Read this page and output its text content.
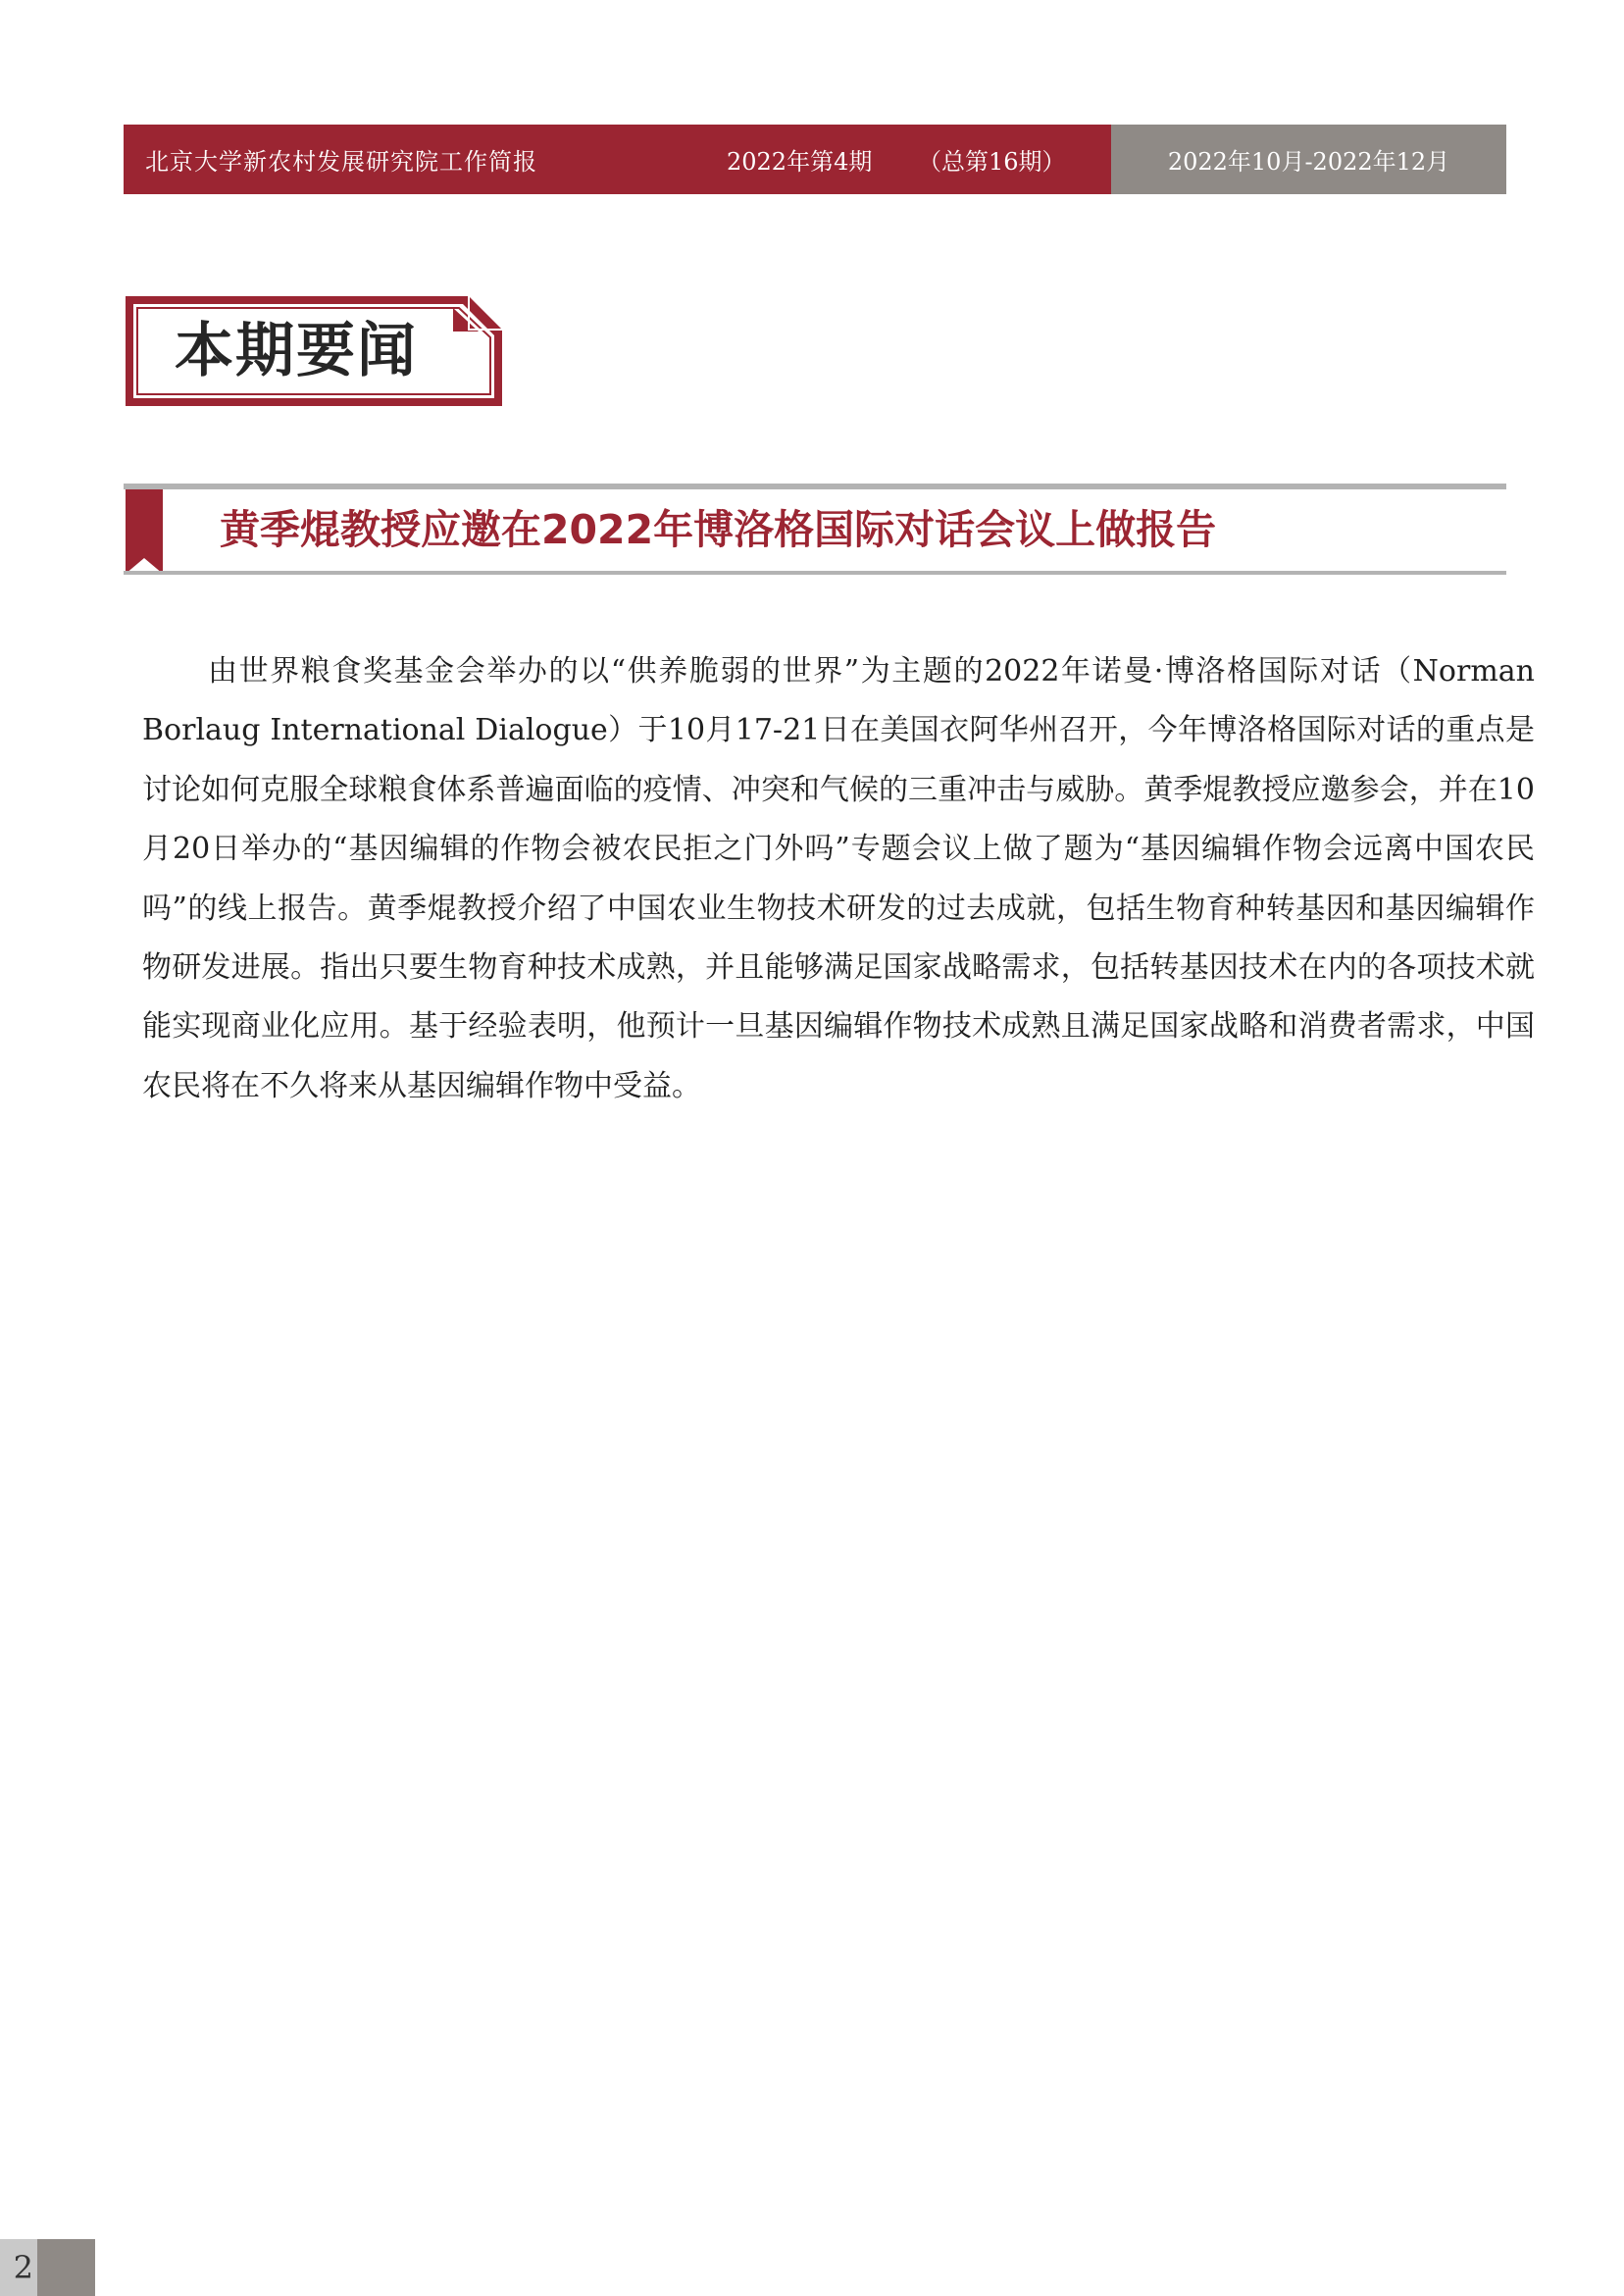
北京大学新农村发展研究院工作简报	2022年第4期 （总第16期）	2022年10月-2022年12月
本期要闻
黄季焜教授应邀在2022年博洛格国际对话会议上做报告

由世界粮食奖基金会举办的以“供养脆弱的世界”为主题的2022年诺曼·博洛格国际对话（Norman Borlaug International Dialogue）于10月17-21日在美国衣阿华州召开，今年博洛格国际对话的重点是讨论如何克服全球粮食体系普遍面临的疫情、冲突和气候的三重冲击与威胁。黄季焜教授应邀参会，并在10月20日举办的“基因编辑的作物会被农民拒之门外吗”专题会议上做了题为“基因编辑作物会远离中国农民吗”的线上报告。黄季焜教授介绍了中国农业生物技术研发的过去成就，包括生物育种转基因和基因编辑作物研发进展。指出只要生物育种技术成熟，并且能够满足国家战略需求，包括转基因技术在内的各项技术就能实现商业化应用。基于经验表明，他预计一旦基因编辑作物技术成熟且满足国家战略和消费者需求，中国农民将在不久将来从基因编辑作物中受益。

2
